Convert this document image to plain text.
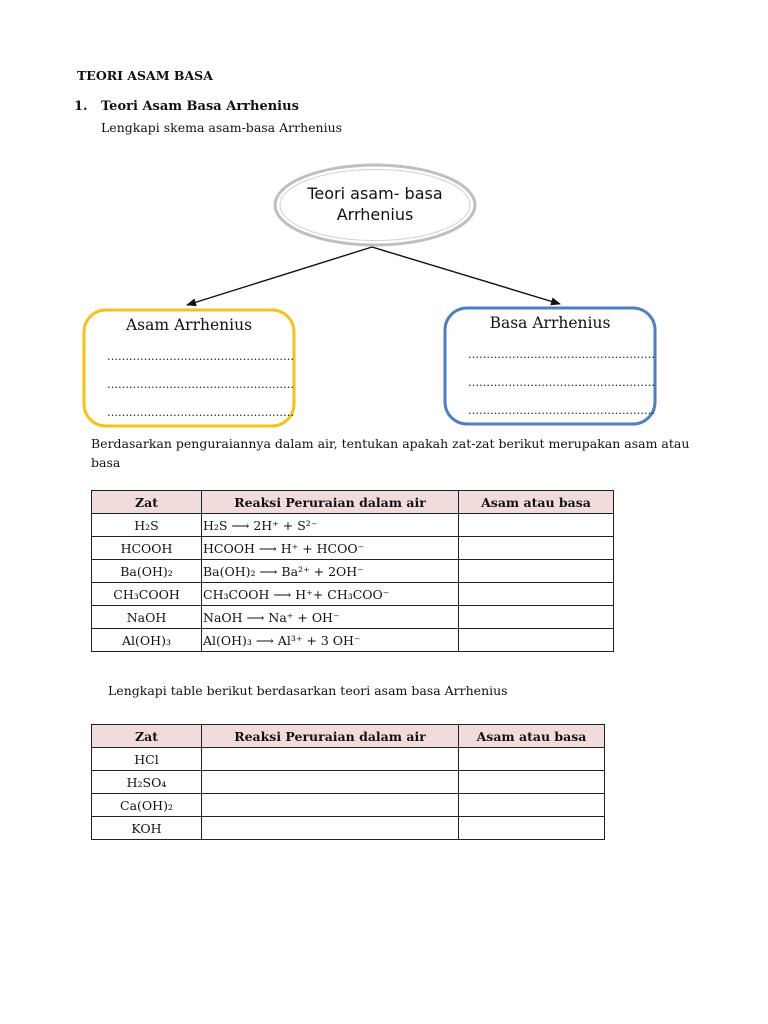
TEORI ASAM BASA
1. Teori Asam Basa Arrhenius
Lengkapi skema asam-basa Arrhenius
Teori asam- basa
Arrhenius
Asam Arrhenius
……………………………………………
……………………………………………
……………………………………………
Basa Arrhenius
……………………………………………
……………………………………………
……………………………………………
Berdasarkan penguraiannya dalam air, tentukan apakah zat-zat berikut merupakan asam atau basa
Zat	Reaksi Peruraian dalam air	Asam atau basa
H₂S	H₂S ⟶ 2H⁺ + S²⁻	
HCOOH	HCOOH ⟶ H⁺ + HCOO⁻	
Ba(OH)₂	Ba(OH)₂ ⟶ Ba²⁺ + 2OH⁻	
CH₃COOH	CH₃COOH ⟶ H⁺+ CH₃COO⁻	
NaOH	NaOH ⟶ Na⁺ + OH⁻	
Al(OH)₃	Al(OH)₃ ⟶ Al³⁺ + 3 OH⁻	
Lengkapi table berikut berdasarkan teori asam basa Arrhenius
Zat	Reaksi Peruraian dalam air	Asam atau basa
HCl		
H₂SO₄		
Ca(OH)₂		
KOH		
